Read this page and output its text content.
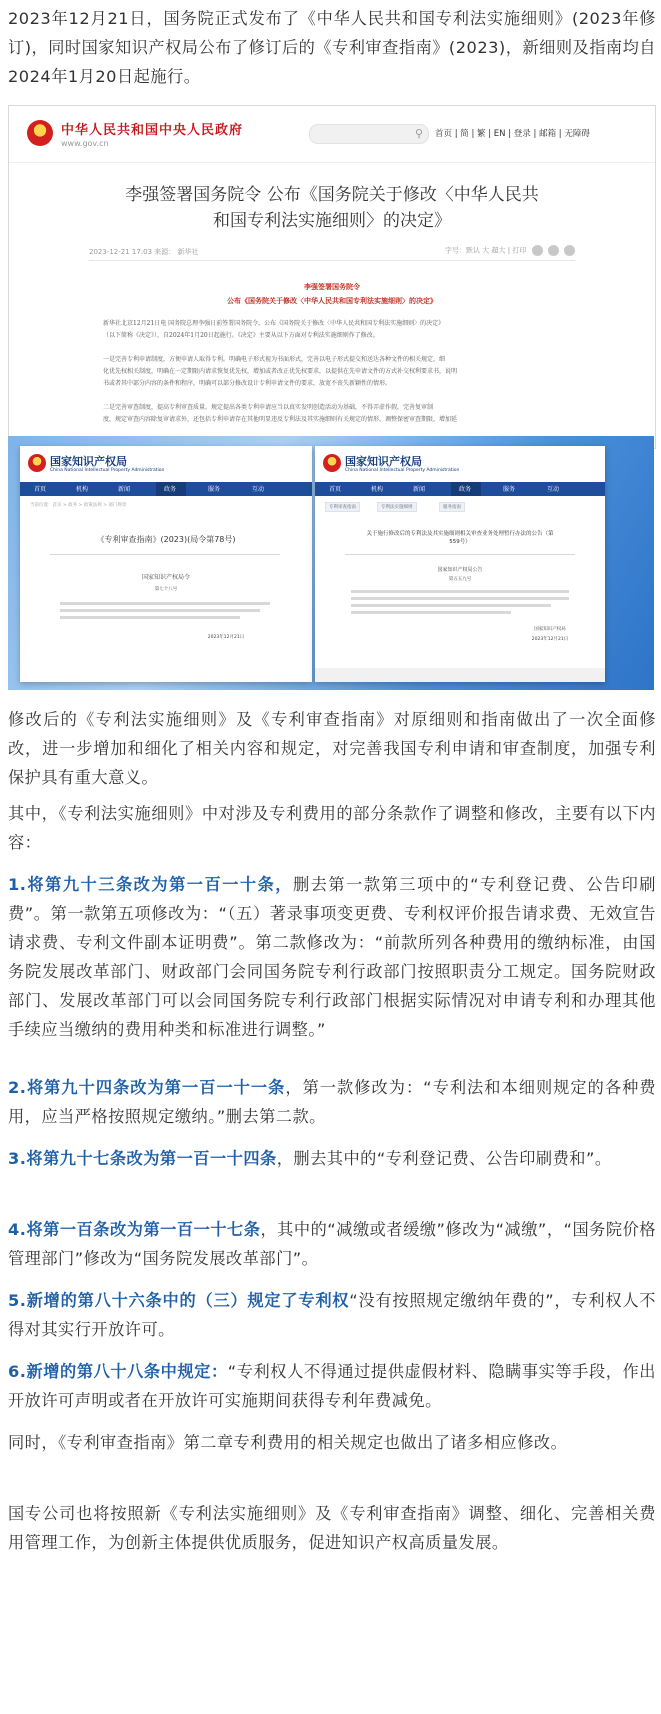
2023年12月21日，国务院正式发布了《中华人民共和国专利法实施细则》(2023年修订)，同时国家知识产权局公布了修订后的《专利审查指南》(2023)，新细则及指南均自2024年1月20日起施行。

中华人民共和国中央人民政府
www.gov.cn
⚲ 首页 | 简 | 繁 | EN | 登录 | 邮箱 | 无障碍
李强签署国务院令 公布《国务院关于修改〈中华人民共
和国专利法实施细则〉的决定》
2023-12-21 17:03 来源： 新华社	字号：默认 大 超大 | 打印
李强签署国务院令
公布《国务院关于修改〈中华人民共和国专利法实施细则〉的决定》
新华社北京12月21日电 国务院总理李强日前签署国务院令，公布《国务院关于修改〈中华人民共和国专利法实施细则〉的决定》
（以下简称《决定》），自2024年1月20日起施行。《决定》主要从以下方面对专利法实施细则作了修改。
一是完善专利申请制度，方便申请人取得专利。明确电子形式视为书面形式，完善以电子形式提交和送达各种文件的相关规定，细
化优先权相关制度，明确在一定期限内请求恢复优先权，增加或者改正优先权要求，以提供在先申请文件的方式补交权利要求书，说明
书或者其中部分内容的条件和程序，明确可以部分修改设计专利申请文件的要求，放宽不丧失新颖性的情形。
二是完善审查制度，提高专利审查质量。规定提出各类专利申请应当以真实发明创造活动为基础，不得弄虚作假，完善复审制
度，规定审查内容除复审请求外，还包括专利申请存在其他明显违反专利法及其实施细则有关规定的情形。调整保密审查期限，增加延
国家知识产权局
China National Intellectual Property Administration
首页	机构	新闻	政务	服务	互动
当前位置：首页 > 政务 > 政策法规 > 部门规章
《专利审查指南》(2023)(局令第78号)
国家知识产权局令
第七十八号
2023年12月21日
国家知识产权局
China National Intellectual Property Administration
首页	机构	新闻	政务	服务	互动
专利审查指南	专利法实施细则	服务指南
关于施行修改后的专利法及其实施细则相关审查业务处理暂行办法的公告（第
559号）
国家知识产权局公告
第五五九号
国家知识产权局
2023年12月21日

修改后的《专利法实施细则》及《专利审查指南》对原细则和指南做出了一次全面修改，进一步增加和细化了相关内容和规定，对完善我国专利申请和审查制度，加强专利保护具有重大意义。

其中，《专利法实施细则》中对涉及专利费用的部分条款作了调整和修改，主要有以下内容：

1.将第九十三条改为第一百一十条，删去第一款第三项中的“专利登记费、公告印刷费”。第一款第五项修改为：“（五）著录事项变更费、专利权评价报告请求费、无效宣告请求费、专利文件副本证明费”。第二款修改为：“前款所列各种费用的缴纳标准，由国务院发展改革部门、财政部门会同国务院专利行政部门按照职责分工规定。国务院财政部门、发展改革部门可以会同国务院专利行政部门根据实际情况对申请专利和办理其他手续应当缴纳的费用种类和标准进行调整。”

2.将第九十四条改为第一百一十一条，第一款修改为：“专利法和本细则规定的各种费用，应当严格按照规定缴纳。”删去第二款。

3.将第九十七条改为第一百一十四条，删去其中的“专利登记费、公告印刷费和”。

4.将第一百条改为第一百一十七条，其中的“减缴或者缓缴”修改为“减缴”，“国务院价格管理部门”修改为“国务院发展改革部门”。

5.新增的第八十六条中的（三）规定了专利权“没有按照规定缴纳年费的”，专利权人不得对其实行开放许可。

6.新增的第八十八条中规定：“专利权人不得通过提供虚假材料、隐瞒事实等手段，作出开放许可声明或者在开放许可实施期间获得专利年费减免。

同时，《专利审查指南》第二章专利费用的相关规定也做出了诸多相应修改。

国专公司也将按照新《专利法实施细则》及《专利审查指南》调整、细化、完善相关费用管理工作，为创新主体提供优质服务，促进知识产权高质量发展。
